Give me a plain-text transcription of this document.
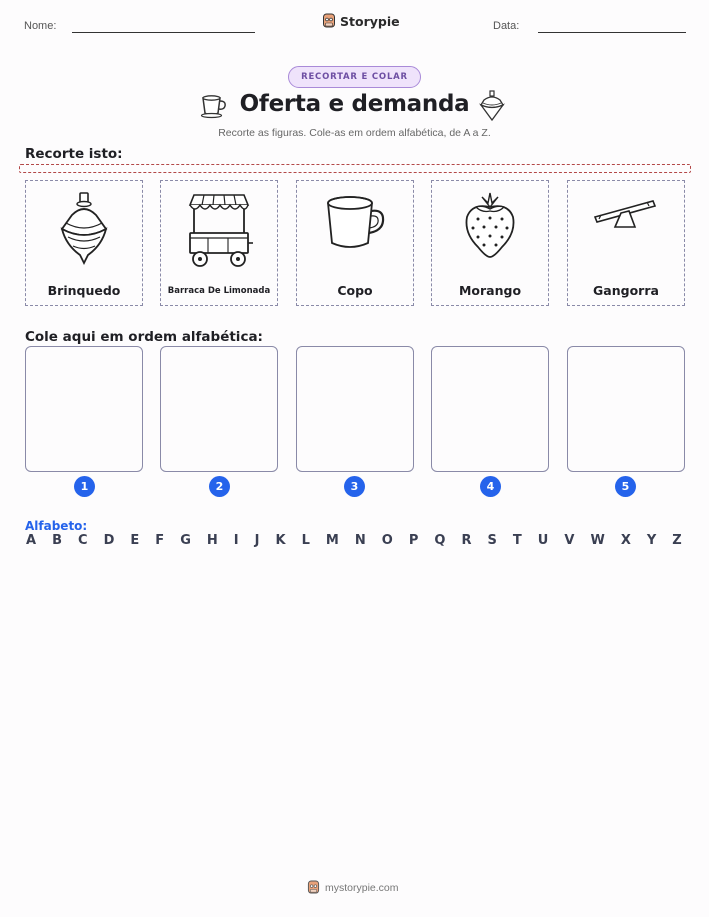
Nome:	Storypie	Data:
RECORTAR E COLAR
Oferta e demanda
Recorte as figuras. Cole-as em ordem alfabética, de A a Z.
Recorte isto:
Brinquedo	Barraca De Limonada	Copo	Morango	Gangorra
Cole aqui em ordem alfabética:
1	2	3	4	5
Alfabeto:
A B C D E F G H I J K L M N O P Q R S T U V W X Y Z
mystorypie.com
